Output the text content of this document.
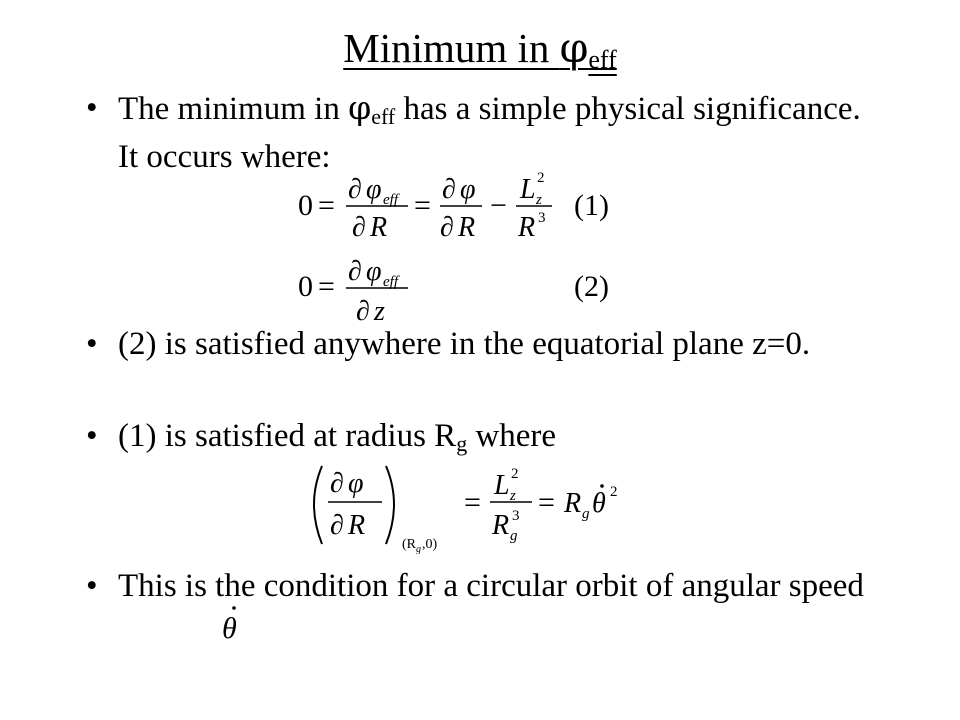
Minimum in $\varphi_{eff}$
• The minimum in $\varphi_{eff}$ has a simple physical significance. It occurs where:
0 = ∂ φ eff
∂ R
= ∂ φ
∂ R
− L z
2
R 3 (1)
0 = ∂ φ eff
∂ z
(2)
• (2) is satisfied anywhere in the equatorial plane z=0.
• (1) is satisfied at radius $R_g$ where
∂ φ
∂ R
(R g ,0)
=
L z
2
R g
3 = R g θ 2
• This is the condition for a circular orbit of angular speed
θ
